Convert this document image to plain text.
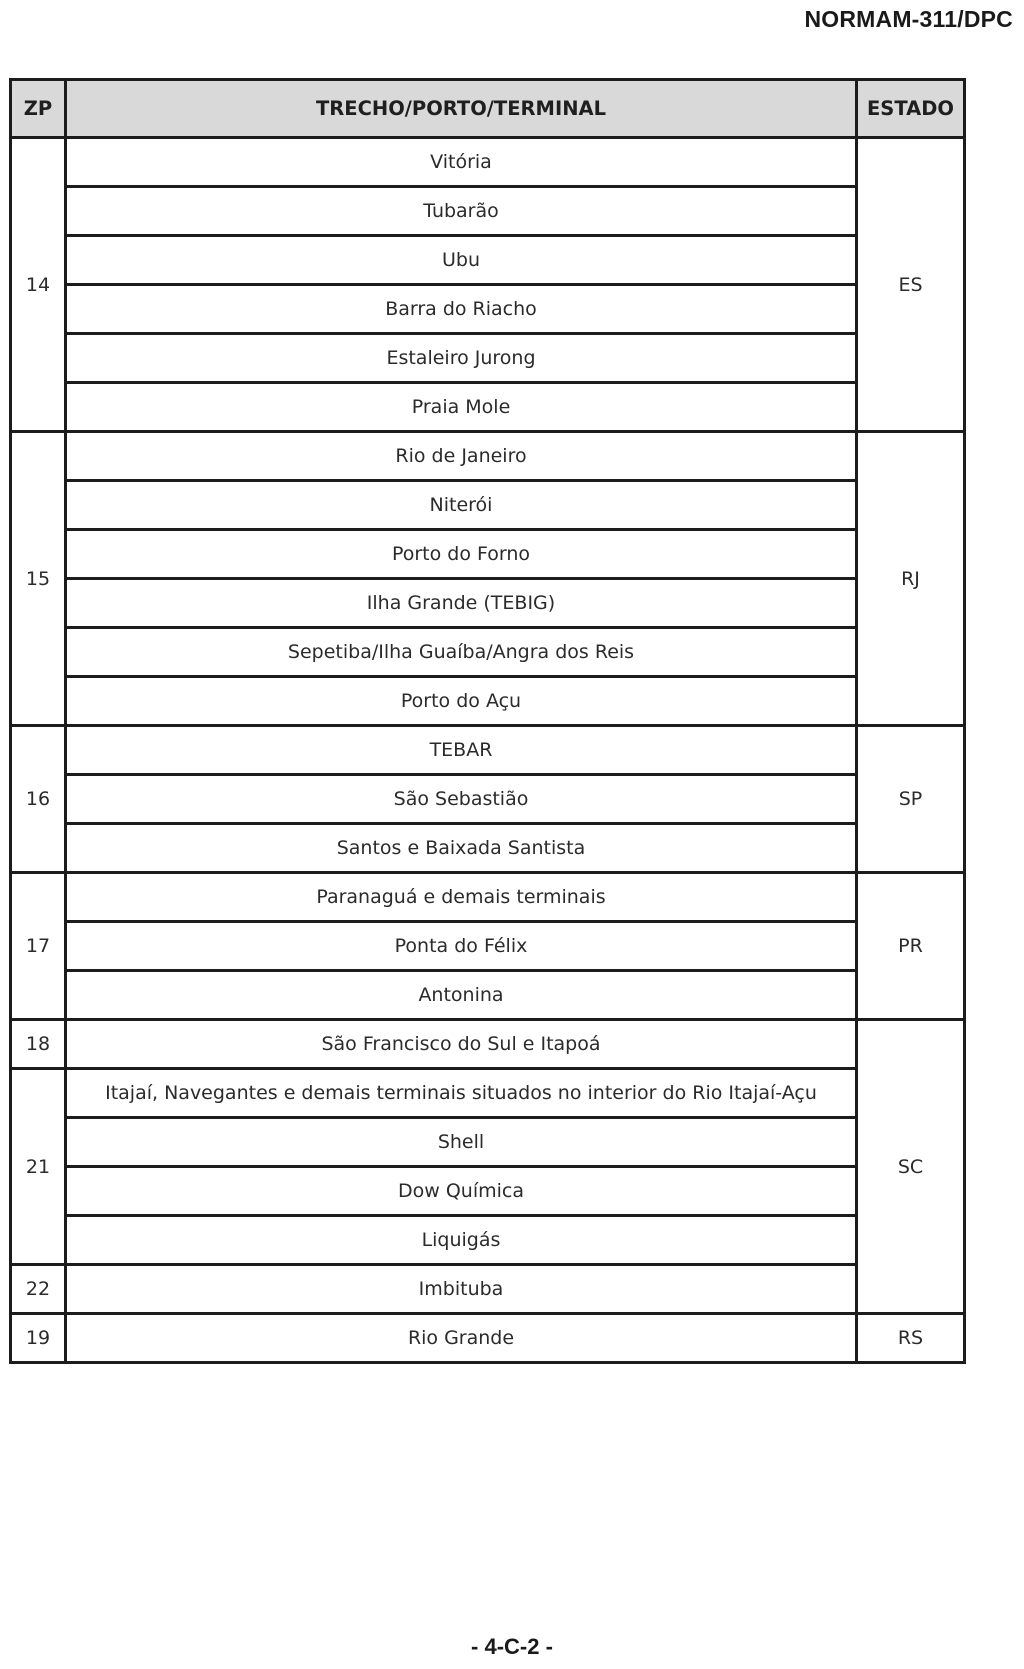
NORMAM-311/DPC
ZP	TRECHO/PORTO/TERMINAL	ESTADO
14	Vitória	ES
	Tubarão	
	Ubu	
	Barra do Riacho	
	Estaleiro Jurong	
	Praia Mole	
15	Rio de Janeiro	RJ
	Niterói	
	Porto do Forno	
	Ilha Grande (TEBIG)	
	Sepetiba/Ilha Guaíba/Angra dos Reis	
	Porto do Açu	
16	TEBAR	SP
	São Sebastião	
	Santos e Baixada Santista	
17	Paranaguá e demais terminais	PR
	Ponta do Félix	
	Antonina	
18	São Francisco do Sul e Itapoá	SC
21	Itajaí, Navegantes e demais terminais situados no interior do Rio Itajaí-Açu	
	Shell	
	Dow Química	
	Liquigás	
22	Imbituba	
19	Rio Grande	RS
- 4-C-2 -
